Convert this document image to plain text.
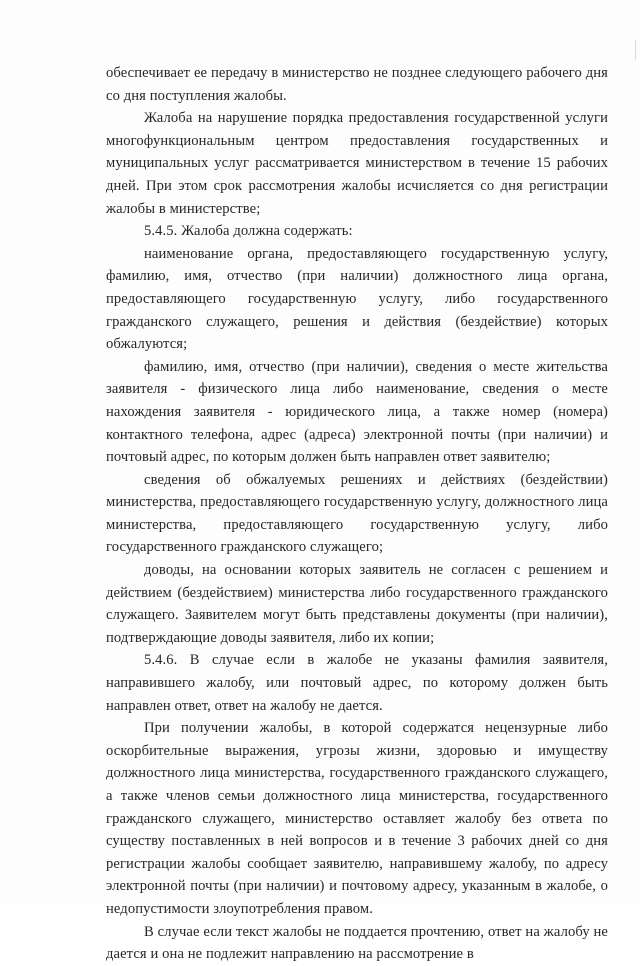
обеспечивает ее передачу в министерство не позднее следующего рабочего дня со дня поступления жалобы.

Жалоба на нарушение порядка предоставления государственной услуги многофункциональным центром предоставления государственных и муниципальных услуг рассматривается министерством в течение 15 рабочих дней. При этом срок рассмотрения жалобы исчисляется со дня регистрации жалобы в министерстве;

5.4.5. Жалоба должна содержать:

наименование органа, предоставляющего государственную услугу, фамилию, имя, отчество (при наличии) должностного лица органа, предоставляющего государственную услугу, либо государственного гражданского служащего, решения и действия (бездействие) которых обжалуются;

фамилию, имя, отчество (при наличии), сведения о месте жительства заявителя - физического лица либо наименование, сведения о месте нахождения заявителя - юридического лица, а также номер (номера) контактного телефона, адрес (адреса) электронной почты (при наличии) и почтовый адрес, по которым должен быть направлен ответ заявителю;

сведения об обжалуемых решениях и действиях (бездействии) министерства, предоставляющего государственную услугу, должностного лица министерства, предоставляющего государственную услугу, либо государственного гражданского служащего;

доводы, на основании которых заявитель не согласен с решением и действием (бездействием) министерства либо государственного гражданского служащего. Заявителем могут быть представлены документы (при наличии), подтверждающие доводы заявителя, либо их копии;

5.4.6. В случае если в жалобе не указаны фамилия заявителя, направившего жалобу, или почтовый адрес, по которому должен быть направлен ответ, ответ на жалобу не дается.

При получении жалобы, в которой содержатся нецензурные либо оскорбительные выражения, угрозы жизни, здоровью и имуществу должностного лица министерства, государственного гражданского служащего, а также членов семьи должностного лица министерства, государственного гражданского служащего, министерство оставляет жалобу без ответа по существу поставленных в ней вопросов и в течение 3 рабочих дней со дня регистрации жалобы сообщает заявителю, направившему жалобу, по адресу электронной почты (при наличии) и почтовому адресу, указанным в жалобе, о недопустимости злоупотребления правом.

В случае если текст жалобы не поддается прочтению, ответ на жалобу не дается и она не подлежит направлению на рассмотрение в
